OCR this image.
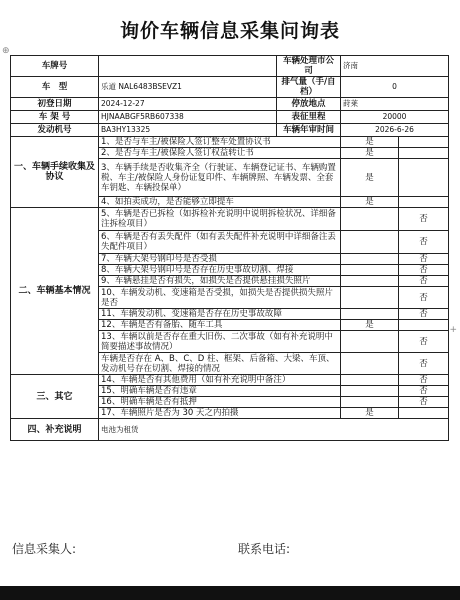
询价车辆信息采集问询表
车牌号		车辆处理市公司	济南	
车　型	乐道 NAL6483BSEVZ1	排气量（手/自档）	0	
初登日期	2024-12-27	停放地点	莳莱	
车 架 号	HJNAABGF5RB607338	表征里程	20000	
发动机号	BA3HY13325	车辆年审时间	2026-6-26	
一、车辆手续收集及协议	1、是否与车主/被保险人签订整车处置协议书		是	
	2、是否与车主/被保险人签订权益转让书		是	
	3、车辆手续是否收集齐全（行驶证、车辆登记证书、车辆购置税、车主/被保险人身份证复印件、车辆牌照、车辆发票、全套车钥匙、车辆投保单）		是	
	4、如拍卖成功，是否能够立即提车		是	
二、车辆基本情况	5、车辆是否已拆检（如拆检补充说明中说明拆检状况、详细备注拆检项目）			否
	6、车辆是否有丢失配件（如有丢失配件补充说明中详细备注丢失配件项目）			否
	7、车辆大架号钢印号是否受损			否
	8、车辆大架号钢印号是否存在历史事故切割、焊接			否
	9、车辆悬挂是否有损失，如损失是否提供悬挂损失照片			否
	10、车辆发动机、变速箱是否受损，如损失是否提供损失照片是否			否
	11、车辆发动机、变速箱是否存在历史事故故障			否
	12、车辆是否有备胎、随车工具		是	
	13、车辆以前是否存在重大旧伤、二次事故（如有补充说明中简要描述事故情况）			否
	车辆是否存在 A、B、C、D 柱、框架、后备箱、大梁、车顶、发动机号存在切割、焊接的情况			否
三、其它	14、车辆是否有其他费用（如有补充说明中备注）			否
	15、明确车辆是否有违章			否
	16、明确车辆是否有抵押			否
	17、车辆照片是否为 30 天之内拍摄		是	
四、补充说明	电池为租赁			
信息采集人:	联系电话:
⊕
+
